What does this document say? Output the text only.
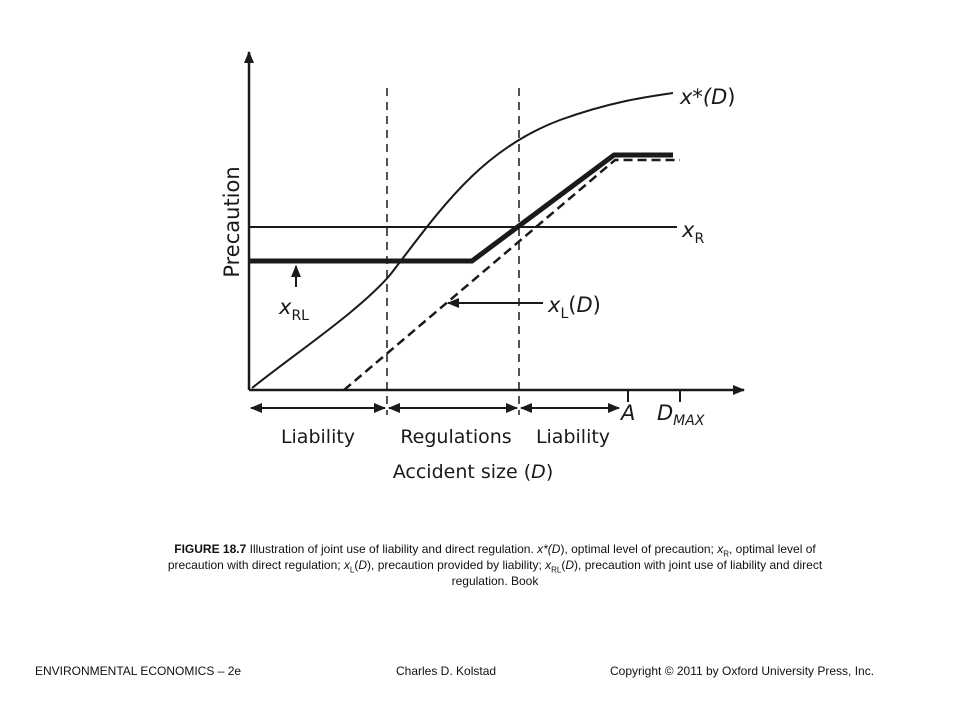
Precaution
x*(D)
$x_R$
$x_L(D)$
$x_{RL}$
A $D_{MAX}$
Liability Regulations Liability
Accident size (D)
FIGURE 18.7 Illustration of joint use of liability and direct regulation. x*(D), optimal level of precaution; $x_R$, optimal level of precaution with direct regulation; $x_L(D)$, precaution provided by liability; $x_{RL}(D)$, precaution with joint use of liability and direct regulation. Book
ENVIRONMENTAL ECONOMICS – 2e	Charles D. Kolstad	Copyright © 2011 by Oxford University Press, Inc.
